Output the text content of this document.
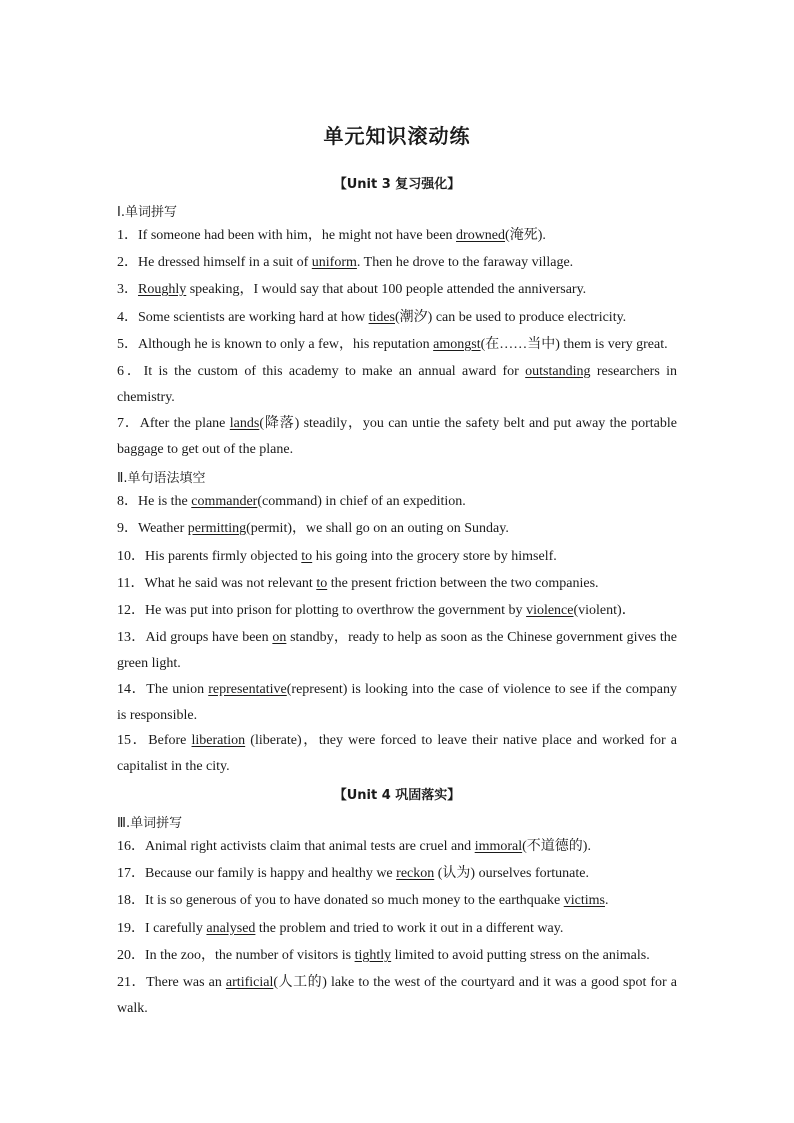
单元知识滚动练
【Unit 3 复习强化】
Ⅰ.单词拼写
1．If someone had been with him，he might not have been drowned(淹死).
2．He dressed himself in a suit of uniform. Then he drove to the faraway village.
3．Roughly speaking，I would say that about 100 people attended the anniversary.
4．Some scientists are working hard at how tides(潮汐) can be used to produce electricity.
5．Although he is known to only a few，his reputation amongst(在……当中) them is very great.
6．It is the custom of this academy to make an annual award for outstanding researchers in
chemistry.
7．After the plane lands(降落) steadily，you can untie the safety belt and put away the portable
baggage to get out of the plane.
Ⅱ.单句语法填空
8．He is the commander(command) in chief of an expedition.
9．Weather permitting(permit)，we shall go on an outing on Sunday.
10．His parents firmly objected to his going into the grocery store by himself.
11．What he said was not relevant to the present friction between the two companies.
12．He was put into prison for plotting to overthrow the government by violence(violent)．
13．Aid groups have been on standby，ready to help as soon as the Chinese government gives the
green light.
14．The union representative(represent) is looking into the case of violence to see if the company
is responsible.
15．Before liberation (liberate)，they were forced to leave their native place and worked for a
capitalist in the city.
【Unit 4 巩固落实】
Ⅲ.单词拼写
16．Animal right activists claim that animal tests are cruel and immoral(不道德的).
17．Because our family is happy and healthy we reckon (认为) ourselves fortunate.
18．It is so generous of you to have donated so much money to the earthquake victims.
19．I carefully analysed the problem and tried to work it out in a different way.
20．In the zoo，the number of visitors is tightly limited to avoid putting stress on the animals.
21．There was an artificial(人工的) lake to the west of the courtyard and it was a good spot for a
walk.
